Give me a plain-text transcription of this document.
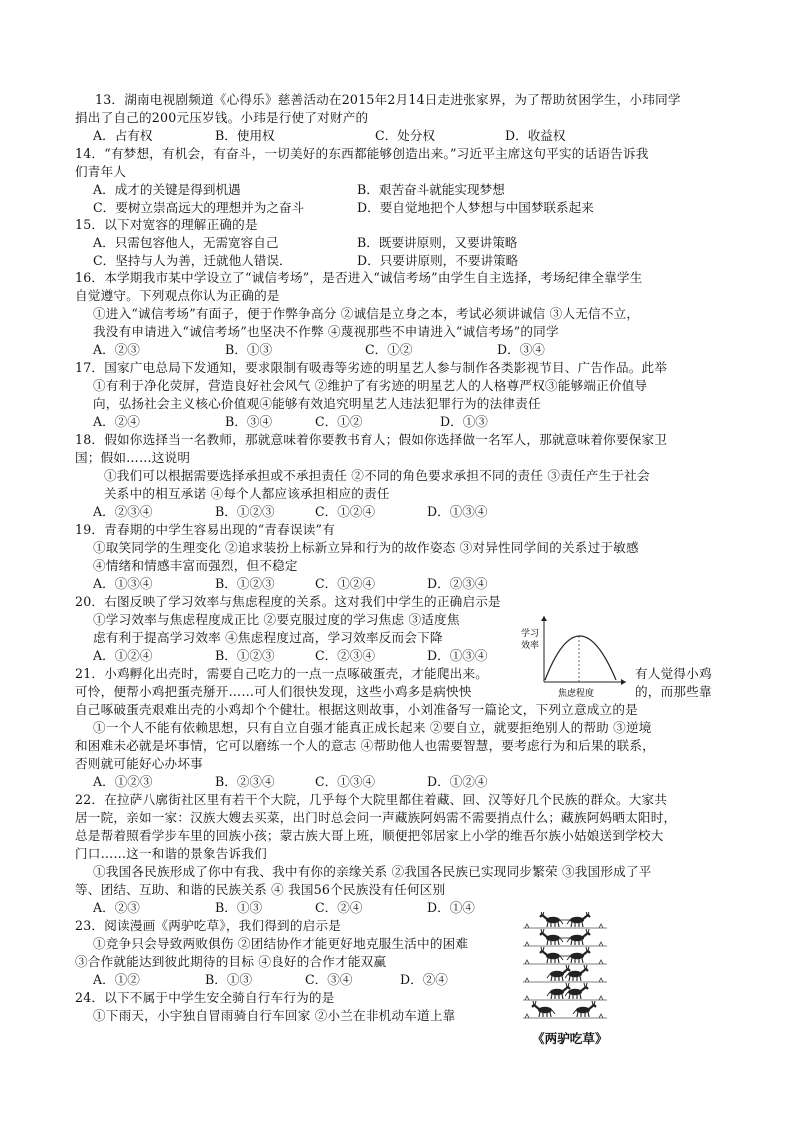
13．湖南电视剧频道《心得乐》慈善活动在2015年2月14日走进张家界，为了帮助贫困学生，小玮同学
捐出了自己的200元压岁钱。小玮是行使了对财产的
14．“有梦想，有机会，有奋斗，一切美好的东西都能够创造出来。”习近平主席这句平实的话语告诉我
们青年人
15．以下对宽容的理解正确的是
16．本学期我市某中学设立了“诚信考场”，是否进入“诚信考场”由学生自主选择，考场纪律全靠学生
自觉遵守。下列观点你认为正确的是
①进入“诚信考场”有面子，便于作弊争高分 ②诚信是立身之本，考试必须讲诚信 ③人无信不立，
我没有申请进入“诚信考场”也坚决不作弊 ④蔑视那些不申请进入“诚信考场”的同学
17．国家广电总局下发通知，要求限制有吸毒等劣迹的明星艺人参与制作各类影视节目、广告作品。此举
①有利于净化荧屏，营造良好社会风气 ②维护了有劣迹的明星艺人的人格尊严权③能够端正价值导
向，弘扬社会主义核心价值观④能够有效追究明星艺人违法犯罪行为的法律责任
18．假如你选择当一名教师，那就意味着你要教书育人；假如你选择做一名军人，那就意味着你要保家卫
国；假如……这说明
①我们可以根据需要选择承担或不承担责任 ②不同的角色要求承担不同的责任 ③责任产生于社会
关系中的相互承诺 ④每个人都应该承担相应的责任
19．青春期的中学生容易出现的“青春误读”有
①取笑同学的生理变化 ②追求装扮上标新立异和行为的故作姿态 ③对异性同学间的关系过于敏感
④情绪和情感丰富而强烈，但不稳定
20．右图反映了学习效率与焦虑程度的关系。这对我们中学生的正确启示是
①学习效率与焦虑程度成正比 ②要克服过度的学习焦虑 ③适度焦
虑有利于提高学习效率 ④焦虑程度过高，学习效率反而会下降
21．小鸡孵化出壳时，需要自己吃力的一点一点啄破蛋壳，才能爬出来。	有人觉得小鸡
可怜，便帮小鸡把蛋壳掰开……可人们很快发现，这些小鸡多是病怏怏	的，而那些靠
自己啄破蛋壳艰难出壳的小鸡却个个健壮。根据这则故事，小刘准备写一篇论文，下列立意成立的是
①一个人不能有依赖思想，只有自立自强才能真正成长起来 ②要自立，就要拒绝别人的帮助 ③逆境
和困难未必就是坏事情，它可以磨练一个人的意志 ④帮助他人也需要智慧，要考虑行为和后果的联系，
否则就可能好心办坏事
22．在拉萨八廓街社区里有若干个大院，几乎每个大院里都住着藏、回、汉等好几个民族的群众。大家共
居一院，亲如一家：汉族大嫂去买菜，出门时总会问一声藏族阿妈需不需要捎点什么；藏族阿妈晒太阳时，
总是帮着照看学步车里的回族小孩；蒙古族大哥上班，顺便把邻居家上小学的维吾尔族小姑娘送到学校大
门口……这一和谐的景象告诉我们
①我国各民族形成了你中有我、我中有你的亲缘关系 ②我国各民族已实现同步繁荣 ③我国形成了平
等、团结、互助、和谐的民族关系 ④ 我国56个民族没有任何区别
23．阅读漫画《两驴吃草》，我们得到的启示是
①竞争只会导致两败俱伤 ②团结协作才能更好地克服生活中的困难
③合作就能达到彼此期待的目标 ④良好的合作才能双赢
24．以下不属于中学生安全骑自行车行为的是
①下雨天，小宇独自冒雨骑自行车回家 ②小兰在非机动车道上靠
A．占有权	B．使用权	C．处分权	D．收益权
A．成才的关键是得到机遇	B．艰苦奋斗就能实现梦想
C．要树立崇高远大的理想并为之奋斗	D．要自觉地把个人梦想与中国梦联系起来
A．只需包容他人，无需宽容自己	B．既要讲原则，又要讲策略
C．坚持与人为善，迁就他人错误．	D．只要讲原则，不要讲策略
A．②③	B．①③	C．①②	D．③④
A．②④	B．③④	C．①②	D．①③
A．②③④	B．①②③	C．①②④	D．①③④
A．①③④	B．①②③	C．①②④	D．②③④
A．①②④	B．①②③	C．②③④	D．①③④
A．①②③	B．②③④	C．①③④	D．①②④
A．②③	B．①③	C．②④	D．①④
A．①②	B．①③	C．③④	D．②④
学习
效率
焦虑程度
《两驴吃草》
